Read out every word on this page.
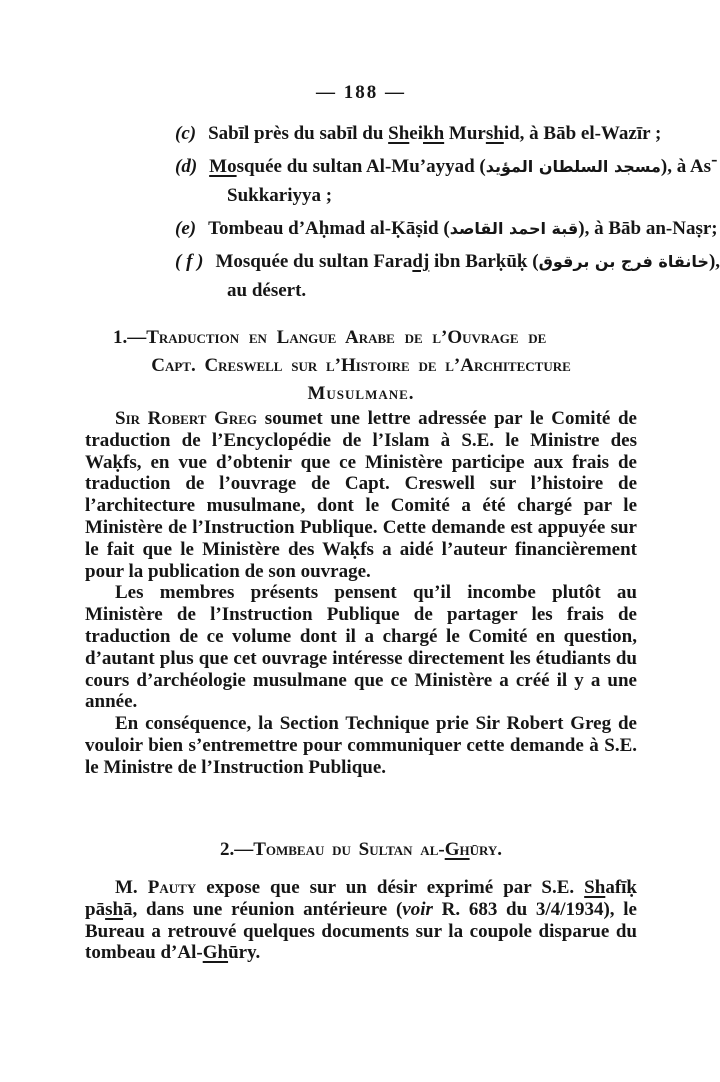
— 188 —
(c) Sabīl près du sabīl du Sheikh Murshid, à Bāb el-Wazīr ;
(d) Mosquée du sultan Al-Mu’ayyad (مسجد السلطان المؤيد), à As-
Sukkariyya ;
(e) Tombeau d’Aḥmad al-Ḳāṣid (قبة احمد القاصد), à Bāb an-Naṣr;
( f ) Mosquée du sultan Faradj ibn Barḳūḳ (خانقاة فرج بن برقوق),
au désert.
1.—Traduction en Langue Arabe de l’Ouvrage de
Capt. Creswell sur l’Histoire de l’Architecture
Musulmane.

Sir Robert Greg soumet une lettre adressée par le Comité de traduction de l’Encyclopédie de l’Islam à S.E. le Ministre des Waḳfs, en vue d’obtenir que ce Ministère participe aux frais de traduction de l’ouvrage de Capt. Creswell sur l’histoire de l’architecture musulmane, dont le Comité a été chargé par le Ministère de l’Instruction Publique. Cette demande est appuyée sur le fait que le Ministère des Waḳfs a aidé l’auteur financièrement pour la publication de son ouvrage.

Les membres présents pensent qu’il incombe plutôt au Ministère de l’Instruction Publique de partager les frais de traduction de ce volume dont il a chargé le Comité en question, d’autant plus que cet ouvrage intéresse directement les étudiants du cours d’archéologie musulmane que ce Ministère a créé il y a une année.

En conséquence, la Section Technique prie Sir Robert Greg de vouloir bien s’entremettre pour communiquer cette demande à S.E. le Ministre de l’Instruction Publique.

2.—Tombeau du Sultan al-Ghūry.

M. Pauty expose que sur un désir exprimé par S.E. Shafīḳ pāshā, dans une réunion antérieure (voir R. 683 du 3/4/1934), le Bureau a retrouvé quelques documents sur la coupole disparue du tombeau d’Al-Ghūry.
